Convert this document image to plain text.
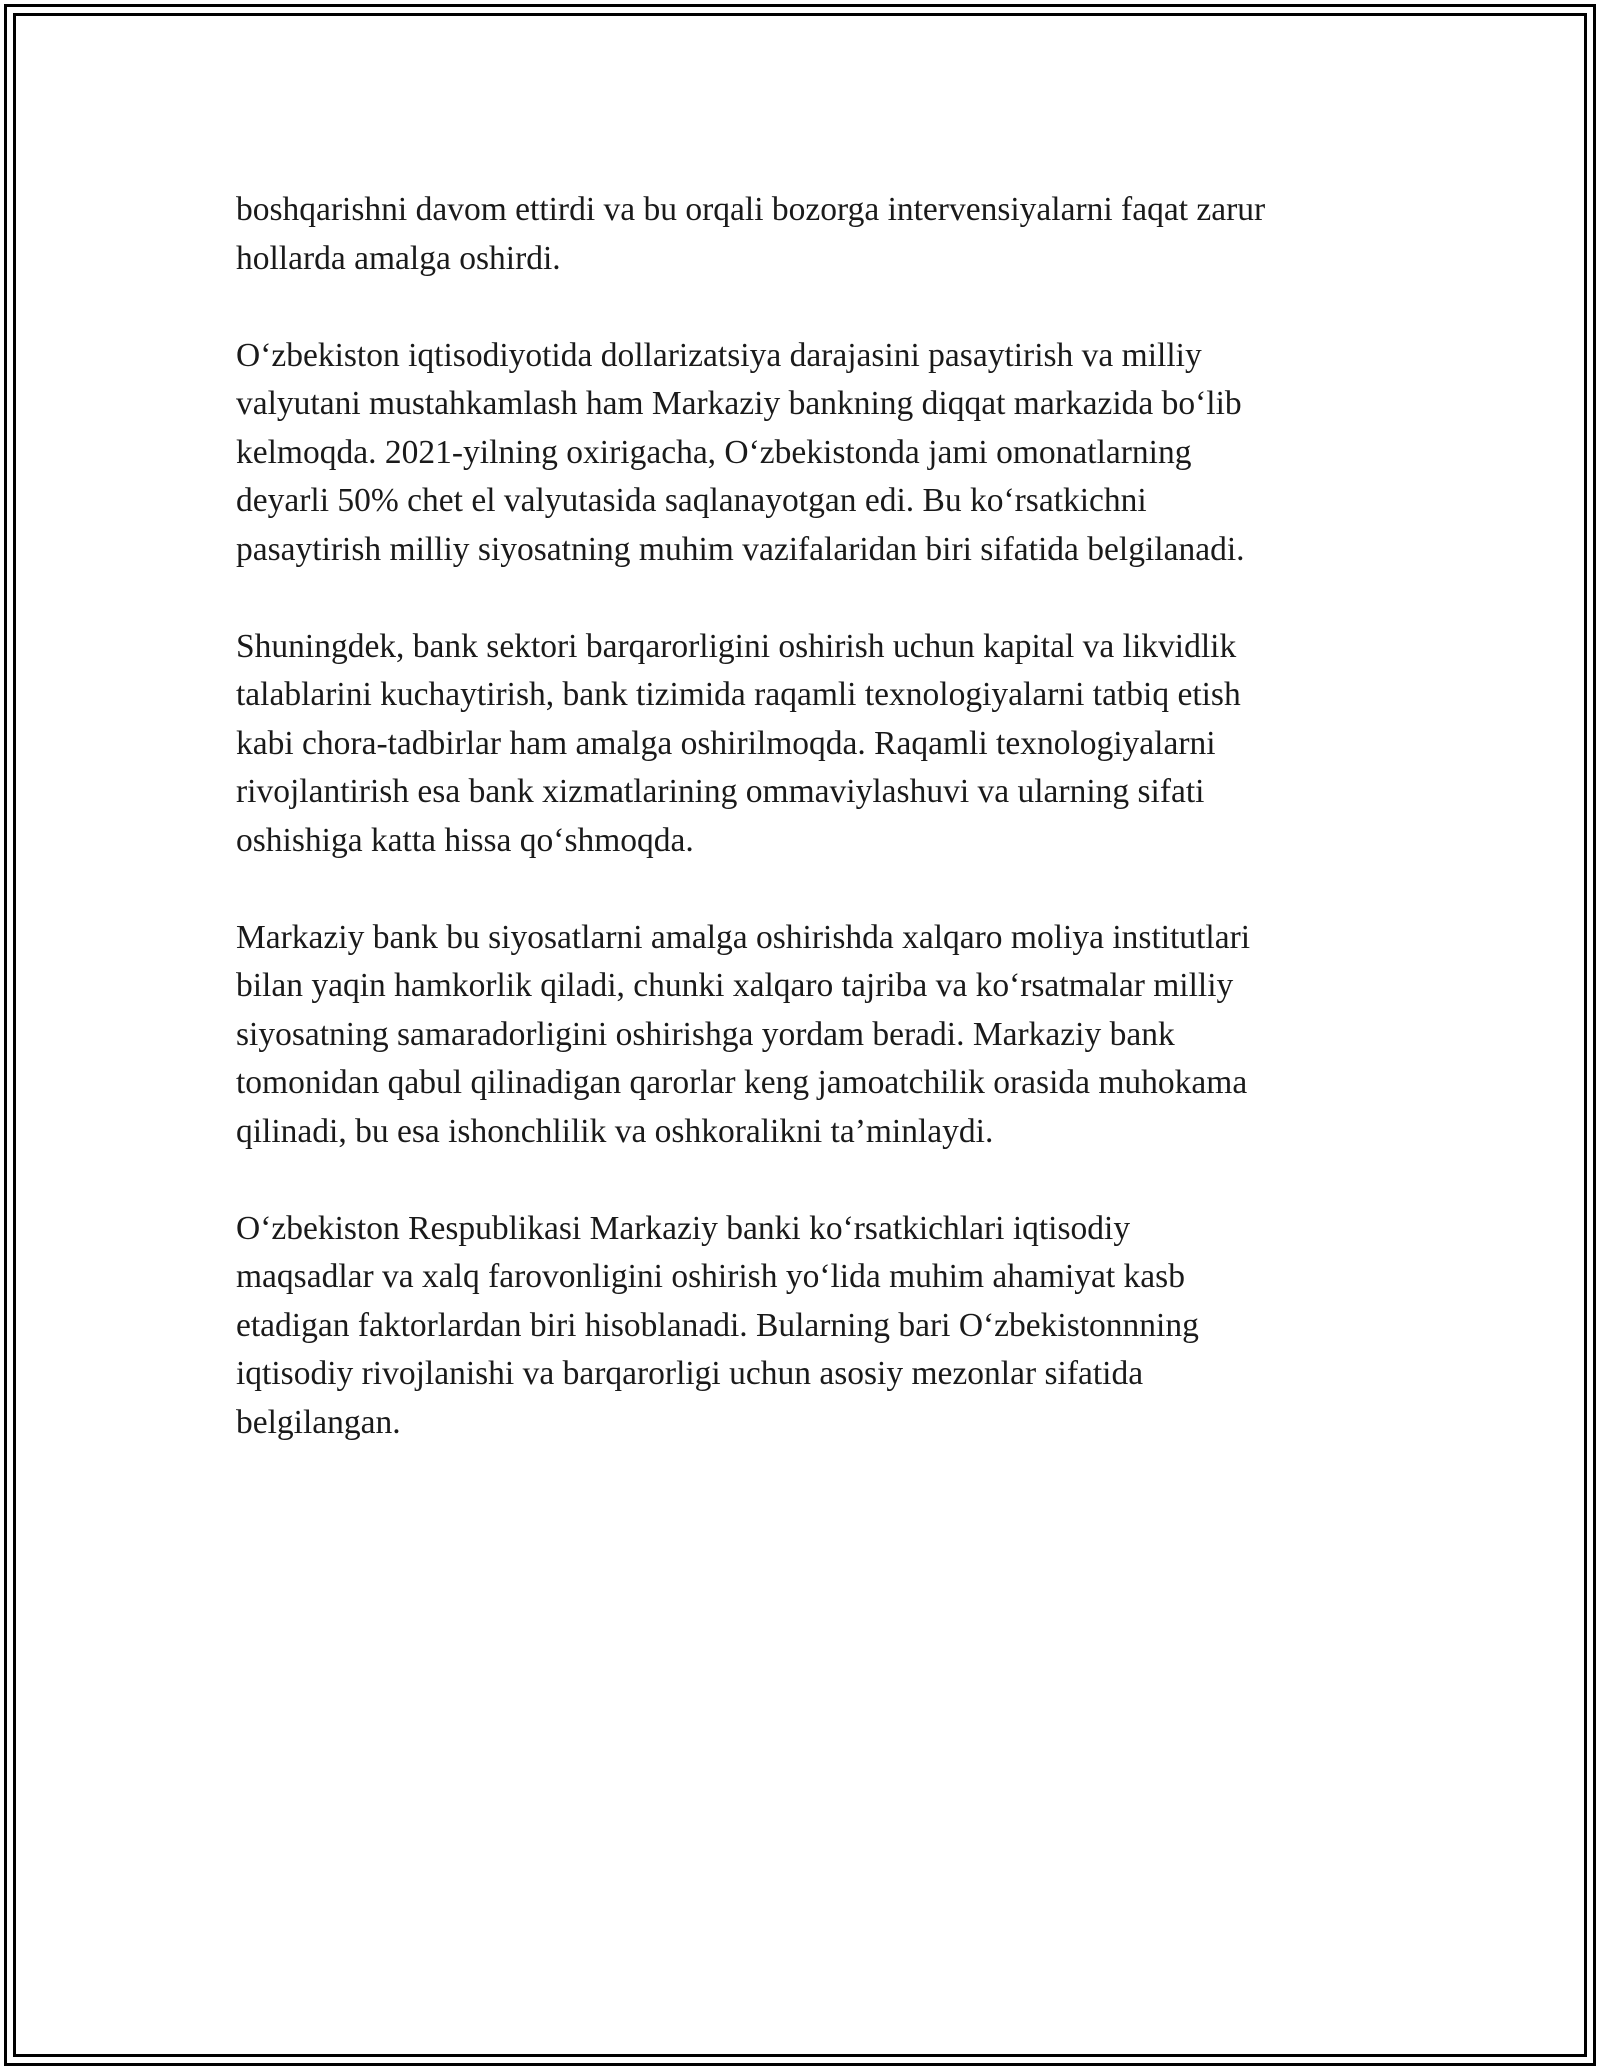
boshqarishni davom ettirdi va bu orqali bozorga intervensiyalarni faqat zarur
hollarda amalga oshirdi.

O‘zbekiston iqtisodiyotida dollarizatsiya darajasini pasaytirish va milliy
valyutani mustahkamlash ham Markaziy bankning diqqat markazida bo‘lib
kelmoqda. 2021-yilning oxirigacha, O‘zbekistonda jami omonatlarning
deyarli 50% chet el valyutasida saqlanayotgan edi. Bu ko‘rsatkichni
pasaytirish milliy siyosatning muhim vazifalaridan biri sifatida belgilanadi.

Shuningdek, bank sektori barqarorligini oshirish uchun kapital va likvidlik
talablarini kuchaytirish, bank tizimida raqamli texnologiyalarni tatbiq etish
kabi chora-tadbirlar ham amalga oshirilmoqda. Raqamli texnologiyalarni
rivojlantirish esa bank xizmatlarining ommaviylashuvi va ularning sifati
oshishiga katta hissa qo‘shmoqda.

Markaziy bank bu siyosatlarni amalga oshirishda xalqaro moliya institutlari
bilan yaqin hamkorlik qiladi, chunki xalqaro tajriba va ko‘rsatmalar milliy
siyosatning samaradorligini oshirishga yordam beradi. Markaziy bank
tomonidan qabul qilinadigan qarorlar keng jamoatchilik orasida muhokama
qilinadi, bu esa ishonchlilik va oshkoralikni ta’minlaydi.

O‘zbekiston Respublikasi Markaziy banki ko‘rsatkichlari iqtisodiy
maqsadlar va xalq farovonligini oshirish yo‘lida muhim ahamiyat kasb
etadigan faktorlardan biri hisoblanadi. Bularning bari O‘zbekistonnning
iqtisodiy rivojlanishi va barqarorligi uchun asosiy mezonlar sifatida
belgilangan.
